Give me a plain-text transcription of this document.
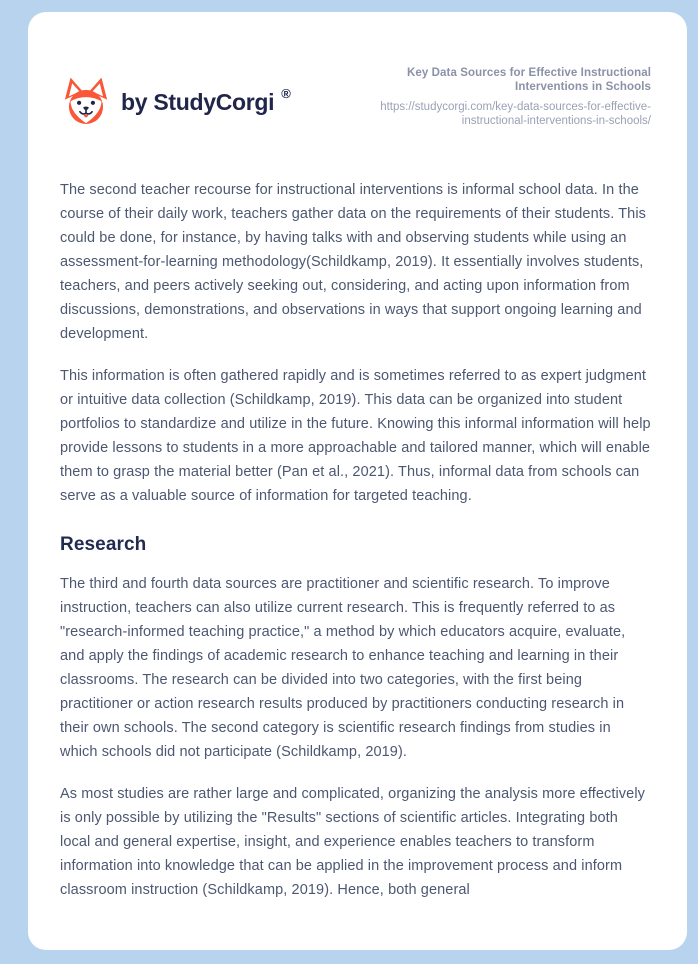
by StudyCorgi ®
Key Data Sources for Effective Instructional Interventions in Schools
https://studycorgi.com/key-data-sources-for-effective-instructional-interventions-in-schools/

The second teacher recourse for instructional interventions is informal school data. In the course of their daily work, teachers gather data on the requirements of their students. This could be done, for instance, by having talks with and observing students while using an assessment-for-learning methodology(Schildkamp, 2019). It essentially involves students, teachers, and peers actively seeking out, considering, and acting upon information from discussions, demonstrations, and observations in ways that support ongoing learning and development.

This information is often gathered rapidly and is sometimes referred to as expert judgment or intuitive data collection (Schildkamp, 2019). This data can be organized into student portfolios to standardize and utilize in the future. Knowing this informal information will help provide lessons to students in a more approachable and tailored manner, which will enable them to grasp the material better (Pan et al., 2021). Thus, informal data from schools can serve as a valuable source of information for targeted teaching.

Research

The third and fourth data sources are practitioner and scientific research. To improve instruction, teachers can also utilize current research. This is frequently referred to as "research-informed teaching practice," a method by which educators acquire, evaluate, and apply the findings of academic research to enhance teaching and learning in their classrooms. The research can be divided into two categories, with the first being practitioner or action research results produced by practitioners conducting research in their own schools. The second category is scientific research findings from studies in which schools did not participate (Schildkamp, 2019).

As most studies are rather large and complicated, organizing the analysis more effectively is only possible by utilizing the "Results" sections of scientific articles. Integrating both local and general expertise, insight, and experience enables teachers to transform information into knowledge that can be applied in the improvement process and inform classroom instruction (Schildkamp, 2019). Hence, both general
